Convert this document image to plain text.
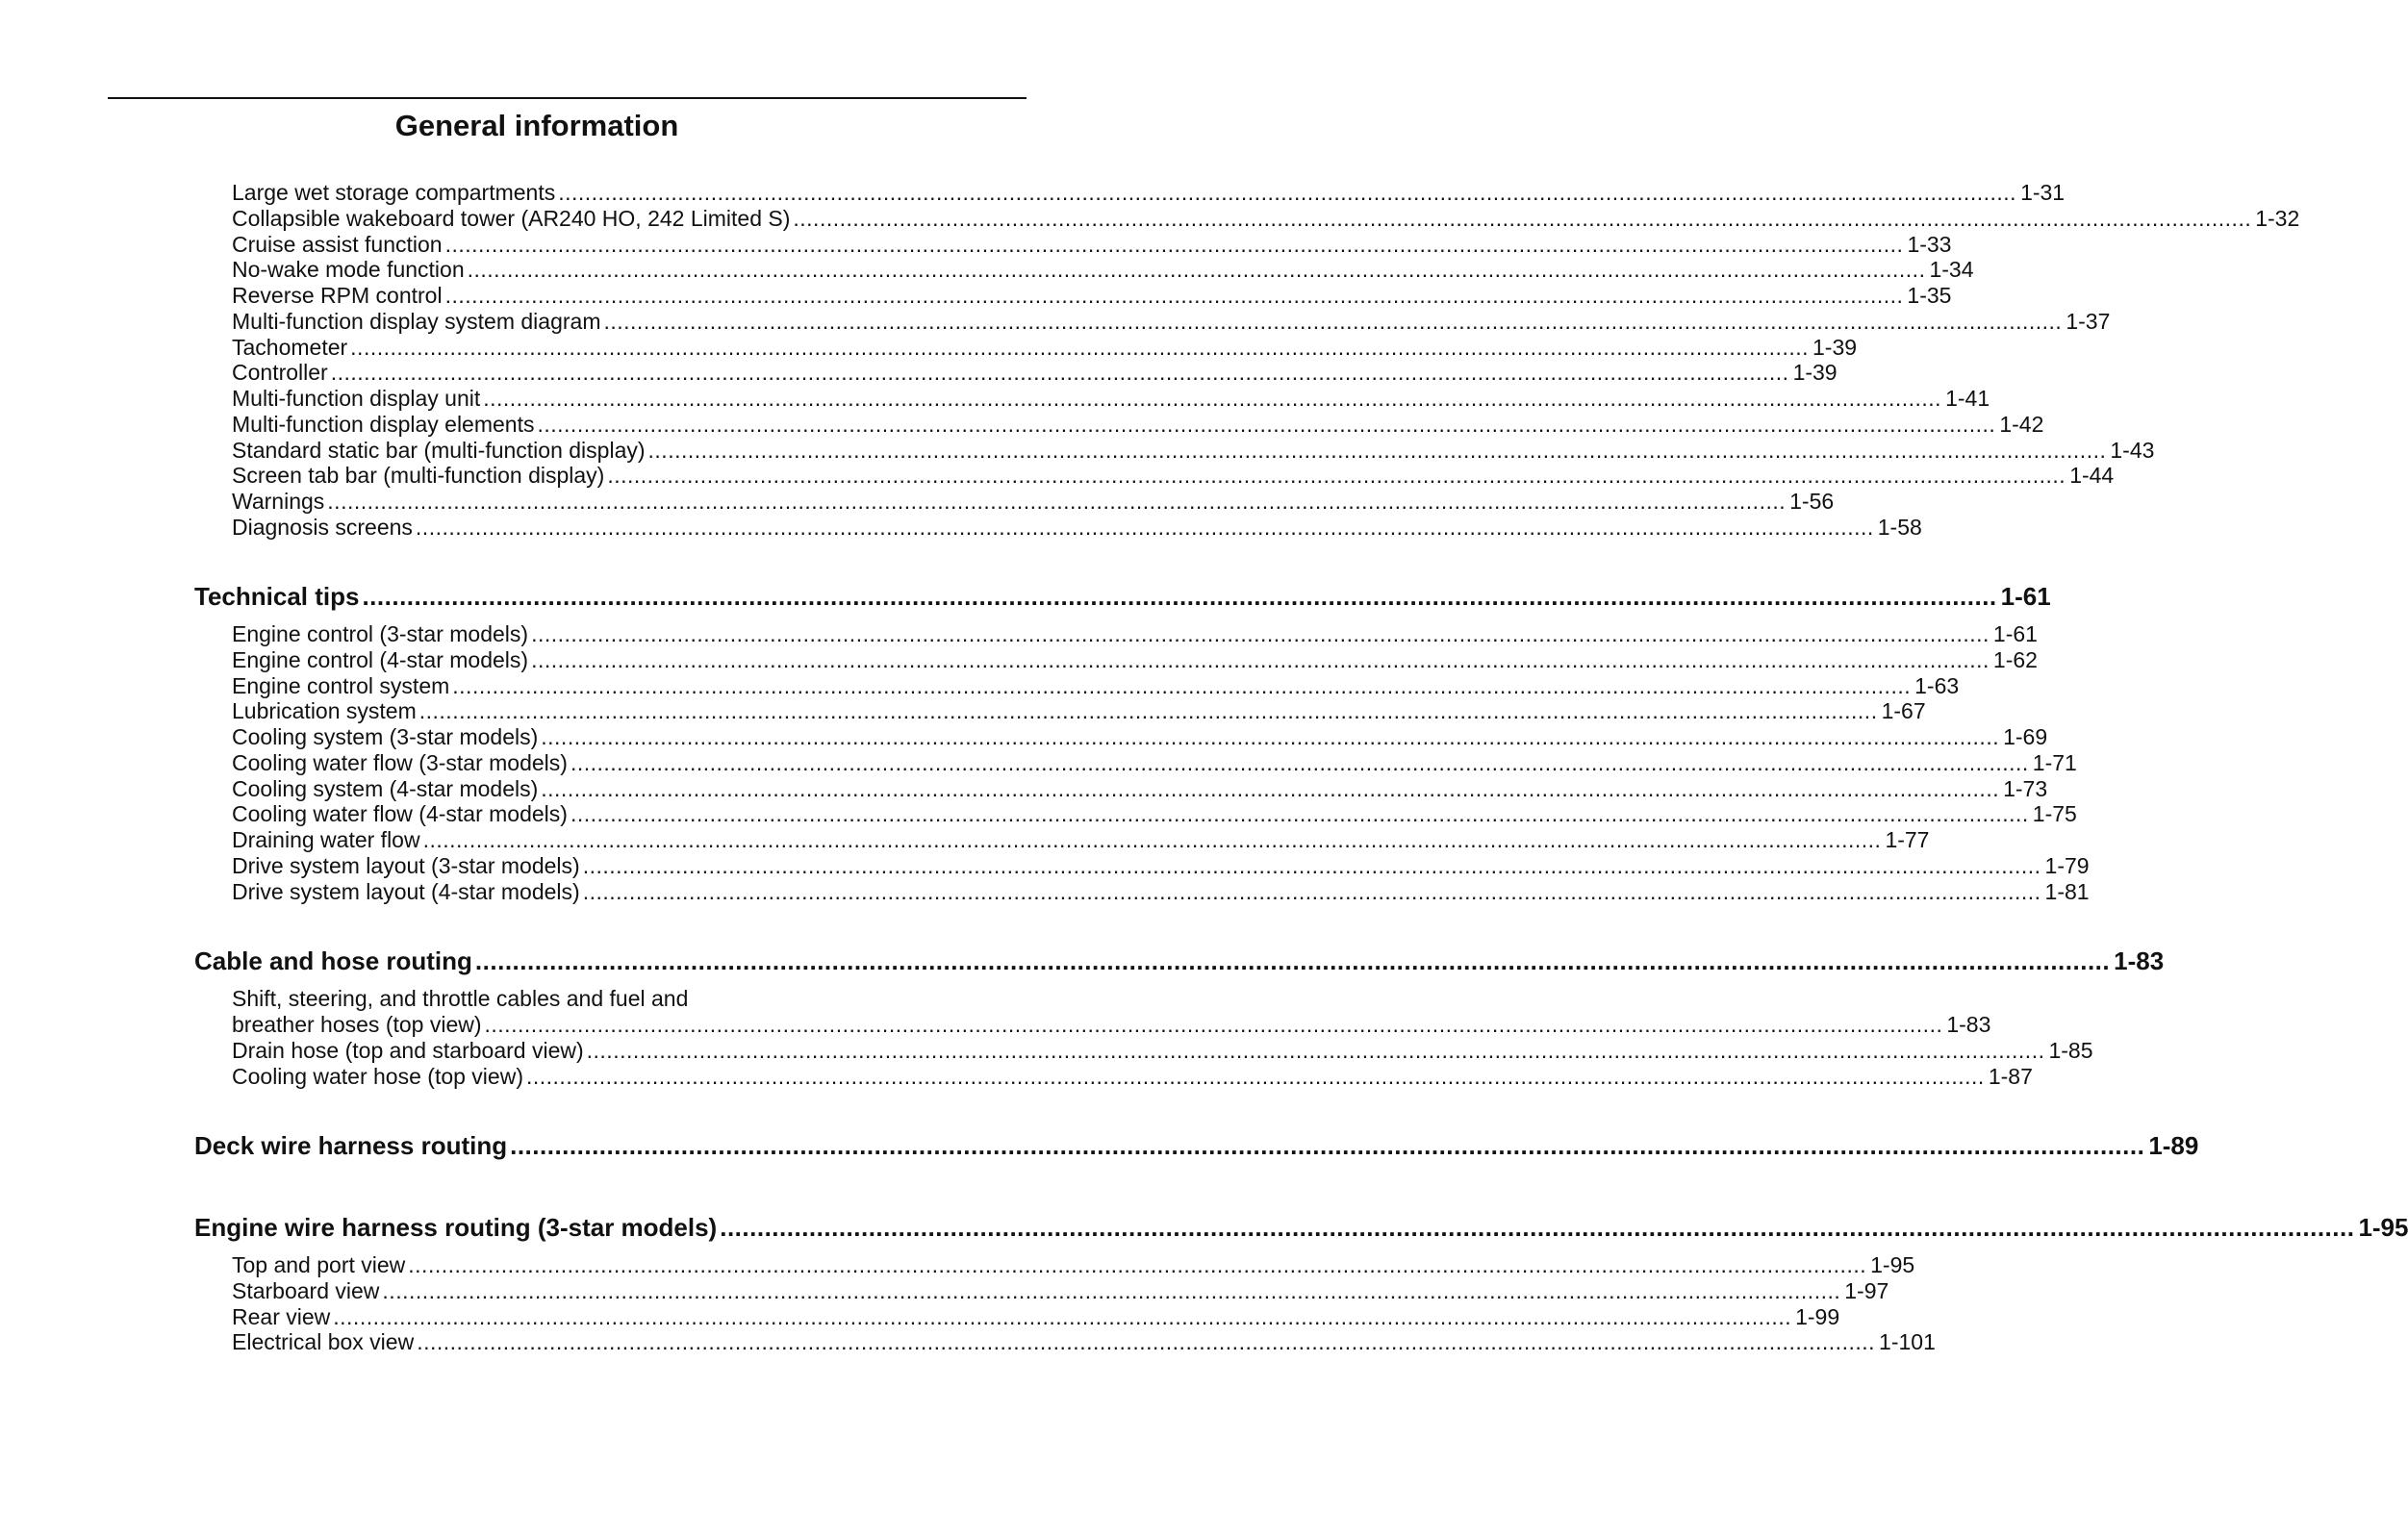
General information
Large wet storage compartments ............................................................................................................................................................................................................................ 1-31
Collapsible wakeboard tower (AR240 HO, 242 Limited S) ............................................................................................................................................................................................................................ 1-32
Cruise assist function ............................................................................................................................................................................................................................ 1-33
No-wake mode function ............................................................................................................................................................................................................................ 1-34
Reverse RPM control ............................................................................................................................................................................................................................ 1-35
Multi-function display system diagram ............................................................................................................................................................................................................................ 1-37
Tachometer ............................................................................................................................................................................................................................ 1-39
Controller ............................................................................................................................................................................................................................ 1-39
Multi-function display unit ............................................................................................................................................................................................................................ 1-41
Multi-function display elements ............................................................................................................................................................................................................................ 1-42
Standard static bar (multi-function display) ............................................................................................................................................................................................................................ 1-43
Screen tab bar (multi-function display) ............................................................................................................................................................................................................................ 1-44
Warnings ............................................................................................................................................................................................................................ 1-56
Diagnosis screens ............................................................................................................................................................................................................................ 1-58
Technical tips ............................................................................................................................................................................................................................ 1-61
Engine control (3-star models) ............................................................................................................................................................................................................................ 1-61
Engine control (4-star models) ............................................................................................................................................................................................................................ 1-62
Engine control system ............................................................................................................................................................................................................................ 1-63
Lubrication system ............................................................................................................................................................................................................................ 1-67
Cooling system (3-star models) ............................................................................................................................................................................................................................ 1-69
Cooling water flow (3-star models) ............................................................................................................................................................................................................................ 1-71
Cooling system (4-star models) ............................................................................................................................................................................................................................ 1-73
Cooling water flow (4-star models) ............................................................................................................................................................................................................................ 1-75
Draining water flow ............................................................................................................................................................................................................................ 1-77
Drive system layout (3-star models) ............................................................................................................................................................................................................................ 1-79
Drive system layout (4-star models) ............................................................................................................................................................................................................................ 1-81
Cable and hose routing ............................................................................................................................................................................................................................ 1-83
Shift, steering, and throttle cables and fuel and
breather hoses (top view) ............................................................................................................................................................................................................................ 1-83
Drain hose (top and starboard view) ............................................................................................................................................................................................................................ 1-85
Cooling water hose (top view) ............................................................................................................................................................................................................................ 1-87
Deck wire harness routing ............................................................................................................................................................................................................................ 1-89
Engine wire harness routing (3-star models) ............................................................................................................................................................................................................................ 1-95
Top and port view ............................................................................................................................................................................................................................ 1-95
Starboard view ............................................................................................................................................................................................................................ 1-97
Rear view ............................................................................................................................................................................................................................ 1-99
Electrical box view ............................................................................................................................................................................................................................ 1-101
